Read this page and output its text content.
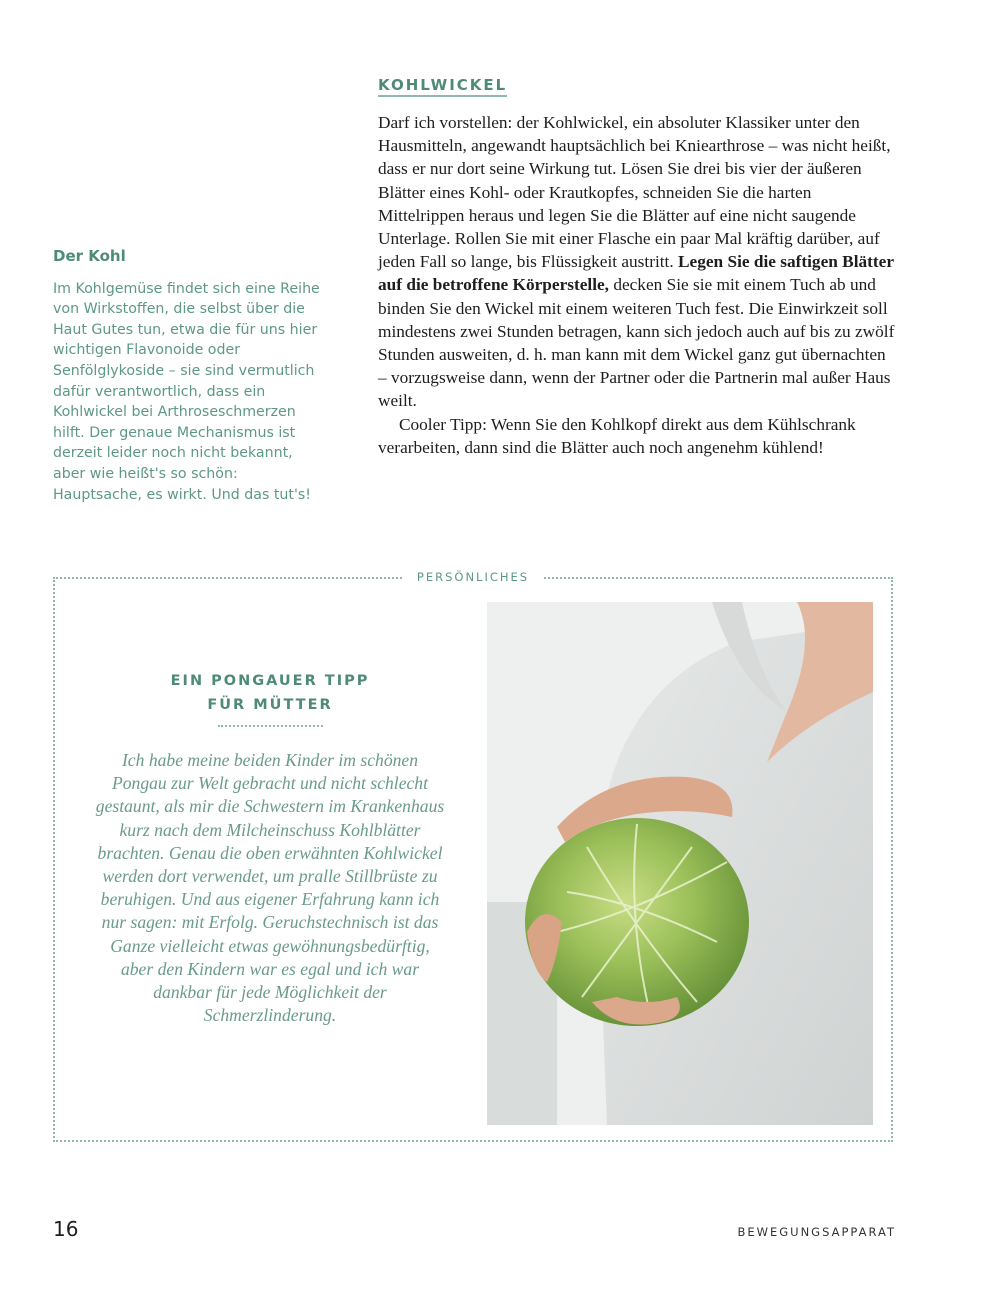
Der Kohl

Im Kohlgemüse findet sich eine Reihe von Wirkstoffen, die selbst über die Haut Gutes tun, etwa die für uns hier wichtigen Flavonoide oder Senfölglykoside – sie sind vermutlich dafür verantwortlich, dass ein Kohlwickel bei Arthroseschmerzen hilft. Der genaue Mechanismus ist derzeit leider noch nicht bekannt, aber wie heißt's so schön: Hauptsache, es wirkt. Und das tut's!

KOHLWICKEL

Darf ich vorstellen: der Kohlwickel, ein absoluter Klassiker unter den Hausmitteln, angewandt hauptsächlich bei Kniearthrose – was nicht heißt, dass er nur dort seine Wirkung tut. Lösen Sie drei bis vier der äußeren Blätter eines Kohl- oder Krautkopfes, schneiden Sie die harten Mittelrippen heraus und legen Sie die Blätter auf eine nicht saugende Unterlage. Rollen Sie mit einer Flasche ein paar Mal kräftig darüber, auf jeden Fall so lange, bis Flüssigkeit austritt. Legen Sie die saftigen Blätter auf die betroffene Körperstelle, decken Sie sie mit einem Tuch ab und binden Sie den Wickel mit einem weiteren Tuch fest. Die Einwirkzeit soll mindestens zwei Stunden betragen, kann sich jedoch auch auf bis zu zwölf Stunden ausweiten, d. h. man kann mit dem Wickel ganz gut übernachten – vorzugsweise dann, wenn der Partner oder die Partnerin mal außer Haus weilt.

Cooler Tipp: Wenn Sie den Kohlkopf direkt aus dem Kühlschrank verarbeiten, dann sind die Blätter auch noch angenehm kühlend!

PERSÖNLICHES
EIN PONGAUER TIPP
FÜR MÜTTER

Ich habe meine beiden Kinder im schönen Pongau zur Welt gebracht und nicht schlecht gestaunt, als mir die Schwestern im Krankenhaus kurz nach dem Milcheinschuss Kohlblätter brachten. Genau die oben erwähnten Kohlwickel werden dort verwendet, um pralle Stillbrüste zu beruhigen. Und aus eigener Erfahrung kann ich nur sagen: mit Erfolg. Geruchstechnisch ist das Ganze vielleicht etwas gewöhnungsbedürftig, aber den Kindern war es egal und ich war dankbar für jede Möglichkeit der Schmerzlinderung.

16	BEWEGUNGSAPPARAT
